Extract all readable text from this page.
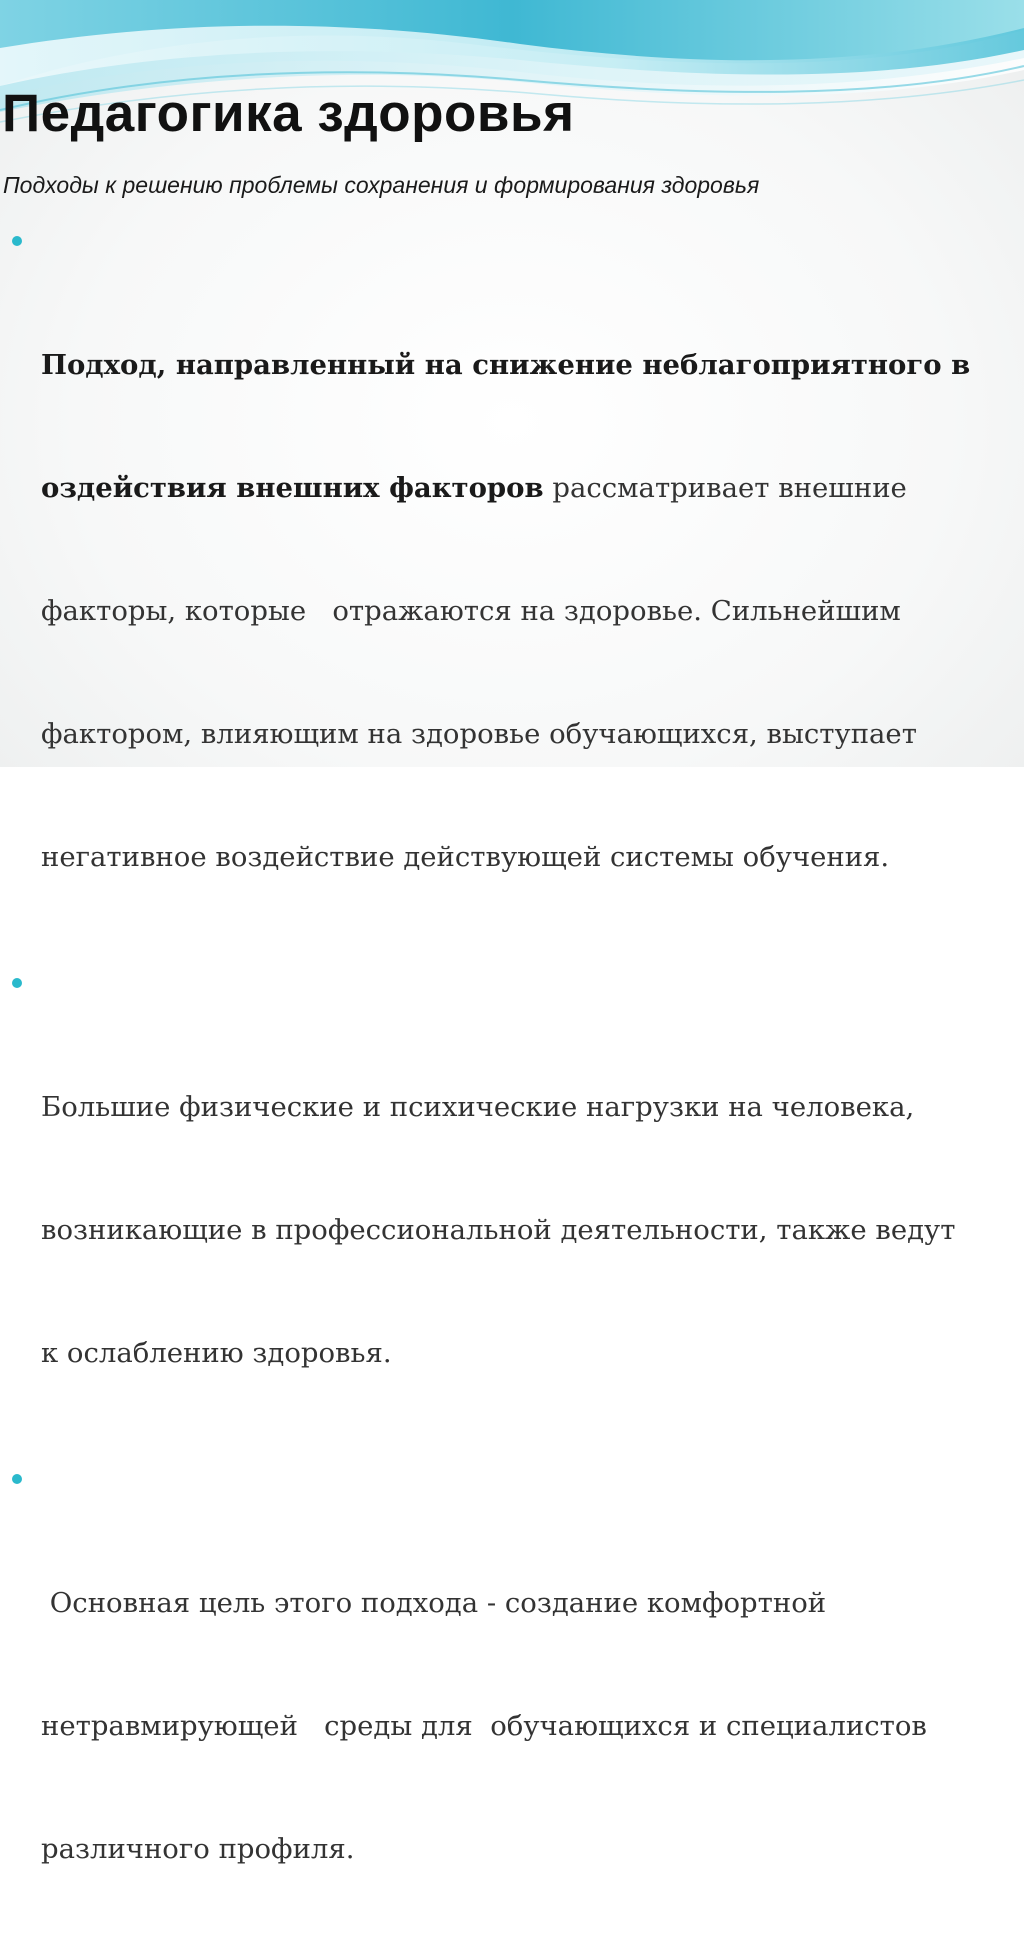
Педагогика здоровья
Подходы к решению проблемы сохранения и формирования здоровья

Подход, направленный на снижение неблагоприятного в

оздействия внешних факторов рассматривает внешние

факторы, которые   отражаются на здоровье. Сильнейшим

фактором, влияющим на здоровье обучающихся, выступает

негативное воздействие действующей системы обучения.

Большие физические и психические нагрузки на человека,

возникающие в профессиональной деятельности, также ведут

к ослаблению здоровья.

Основная цель этого подхода - создание комфортной

нетравмирующей   среды для  обучающихся и специалистов

различного профиля.
